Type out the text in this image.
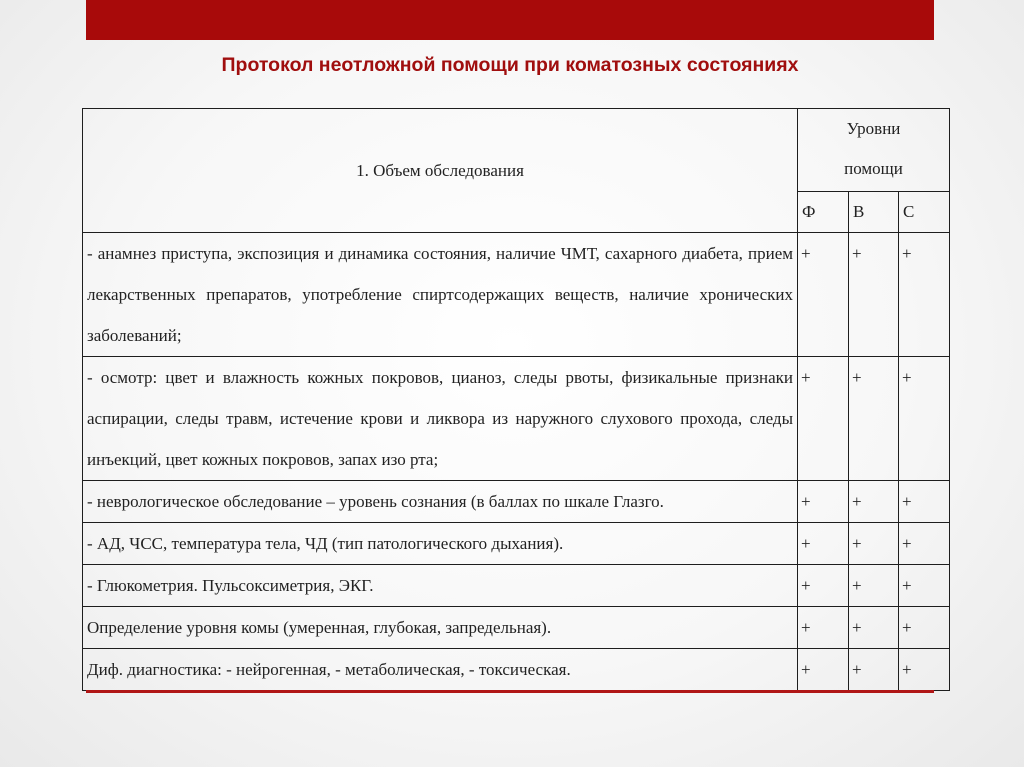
Протокол неотложной помощи при коматозных состояниях
1. Объем обследования	Уровни
помощи		

	Ф	В	С
- анамнез приступа, экспозиция и динамика состояния, наличие ЧМТ, сахарного диабета, прием лекарственных препаратов, употребление спиртсодержащих веществ, наличие хронических заболеваний;	+	+	+
- осмотр: цвет и влажность кожных покровов, цианоз, следы рвоты, физикальные признаки аспирации, следы травм, истечение крови и ликвора из наружного слухового прохода, следы инъекций, цвет кожных покровов, запах изо рта;	+	+	+
- неврологическое обследование – уровень сознания (в баллах по шкале Глазго.	+	+	+
- АД, ЧСС, температура тела, ЧД (тип патологического дыхания).	+	+	+
- Глюкометрия. Пульсоксиметрия, ЭКГ.	+	+	+
Определение уровня комы (умеренная, глубокая, запредельная).	+	+	+
Диф. диагностика: - нейрогенная, - метаболическая, - токсическая.	+	+	+
